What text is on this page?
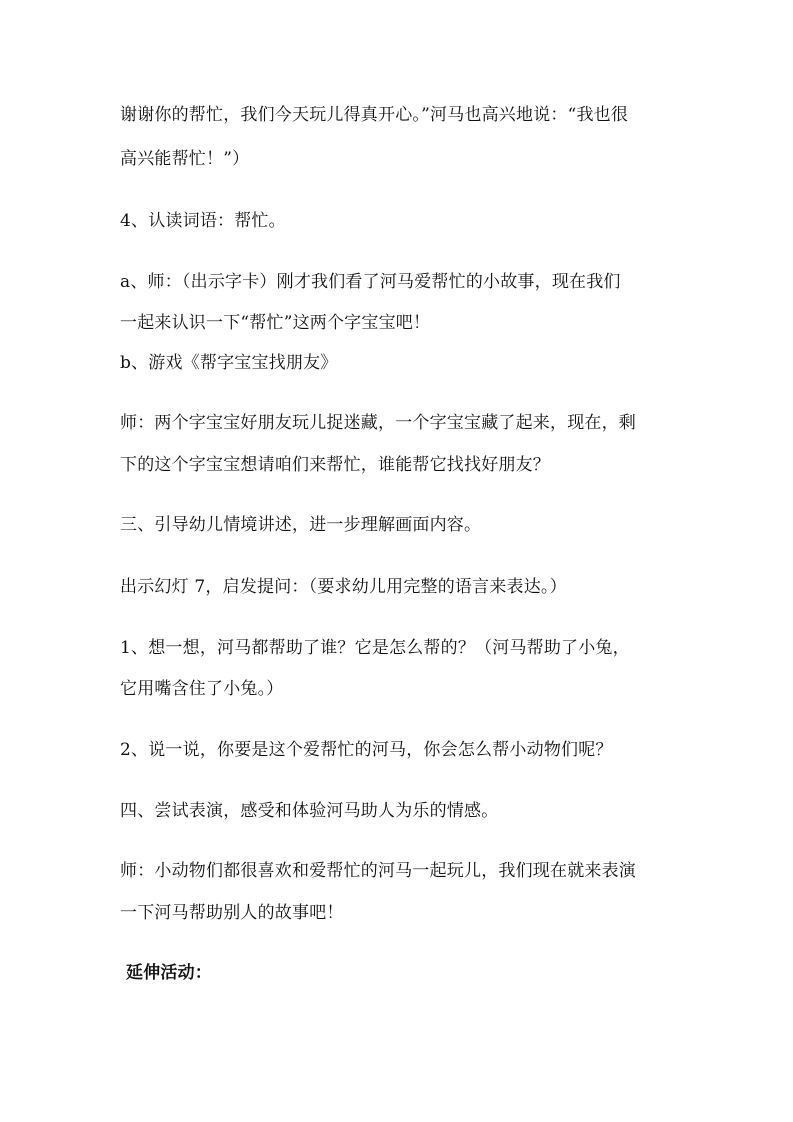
谢谢你的帮忙，我们今天玩儿得真开心。”河马也高兴地说：“我也很
高兴能帮忙！”）
4、认读词语：帮忙。
a、师：（出示字卡）刚才我们看了河马爱帮忙的小故事，现在我们
一起来认识一下“帮忙”这两个字宝宝吧！
b、游戏《帮字宝宝找朋友》
师：两个字宝宝好朋友玩儿捉迷藏，一个字宝宝藏了起来，现在，剩
下的这个字宝宝想请咱们来帮忙，谁能帮它找找好朋友？
三、引导幼儿情境讲述，进一步理解画面内容。
出示幻灯 7，启发提问：（要求幼儿用完整的语言来表达。）
1、想一想，河马都帮助了谁？它是怎么帮的？（河马帮助了小兔，
它用嘴含住了小兔。）
2、说一说，你要是这个爱帮忙的河马，你会怎么帮小动物们呢？
四、尝试表演，感受和体验河马助人为乐的情感。
师：小动物们都很喜欢和爱帮忙的河马一起玩儿，我们现在就来表演
一下河马帮助别人的故事吧！
延伸活动：
